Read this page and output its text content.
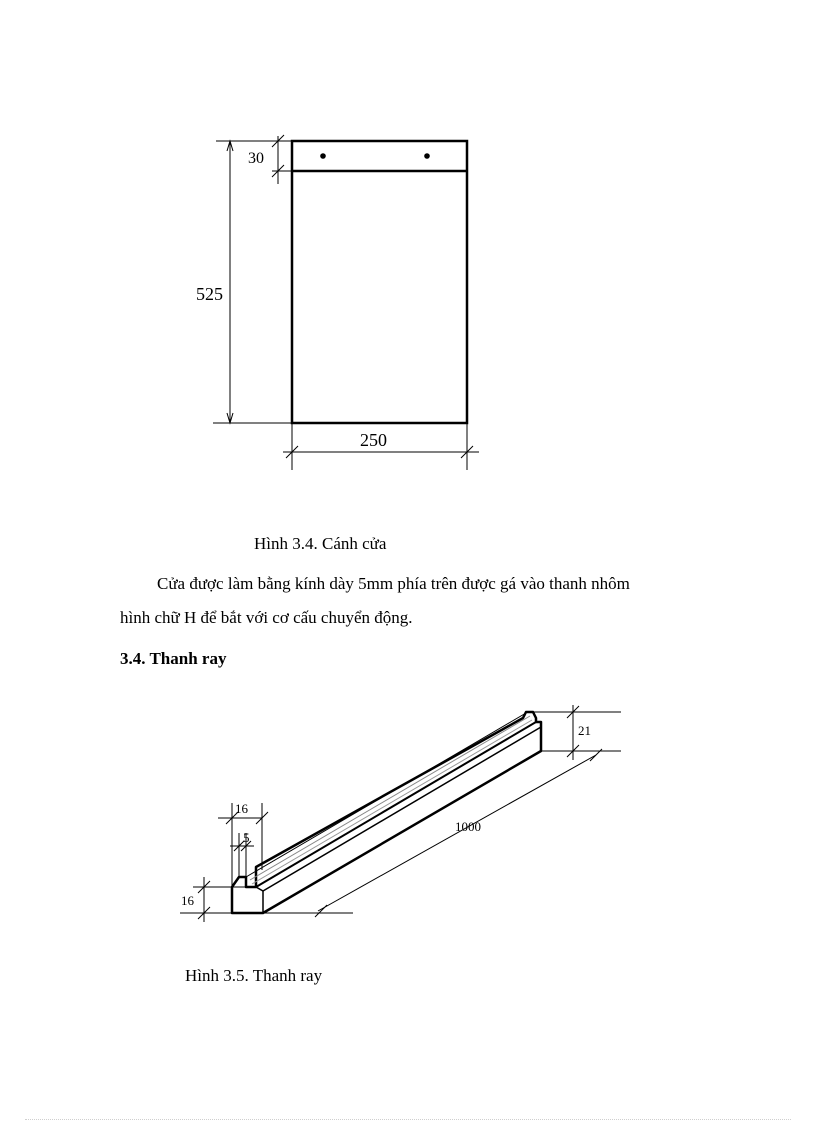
30
525
250
Hình 3.4. Cánh cửa
Cửa được làm bằng kính dày 5mm phía trên được gá vào thanh nhôm
hình chữ H để bắt với cơ cấu chuyển động.
3.4. Thanh ray
16
5
16
21
1000
Hình 3.5. Thanh ray
